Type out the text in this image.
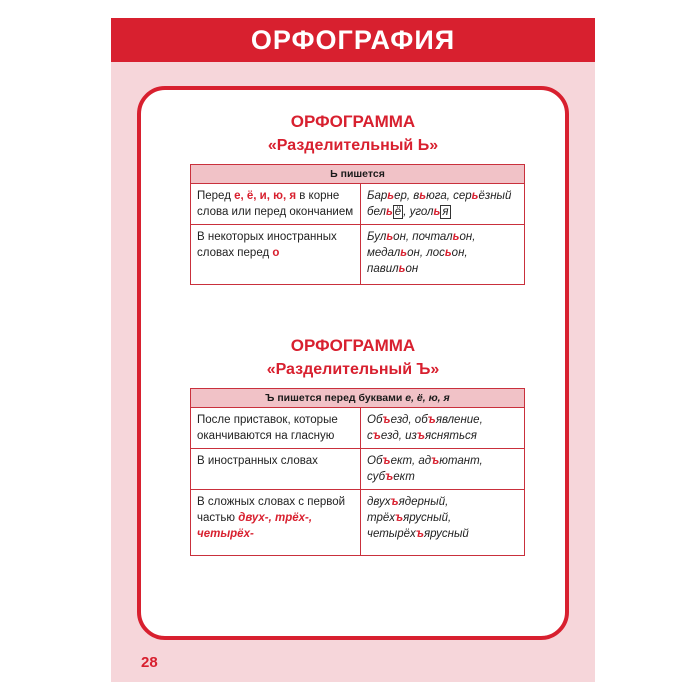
ОРФОГРАФИЯ
ОРФОГРАММА
«Разделительный Ь»
Ь пишется	
Перед е, ё, и, ю, я в корне слова или перед окончанием	Барьер, вьюга, серьёзный
бель ё , уголь я
В некоторых иностранных словах перед о	Бульон, почтальон, медальон, лосьон, павильон
ОРФОГРАММА
«Разделительный Ъ»
Ъ пишется перед буквами е, ё, ю, я	
После приставок, которые оканчиваются на гласную	Объезд, объявление, съезд, изъясняться
В иностранных словах	Объект, адъютант, субъект
В сложных словах с первой частью двух-, трёх-, четырёх-	двухъядерный, трёхъярусный, четырёхъярусный
28
